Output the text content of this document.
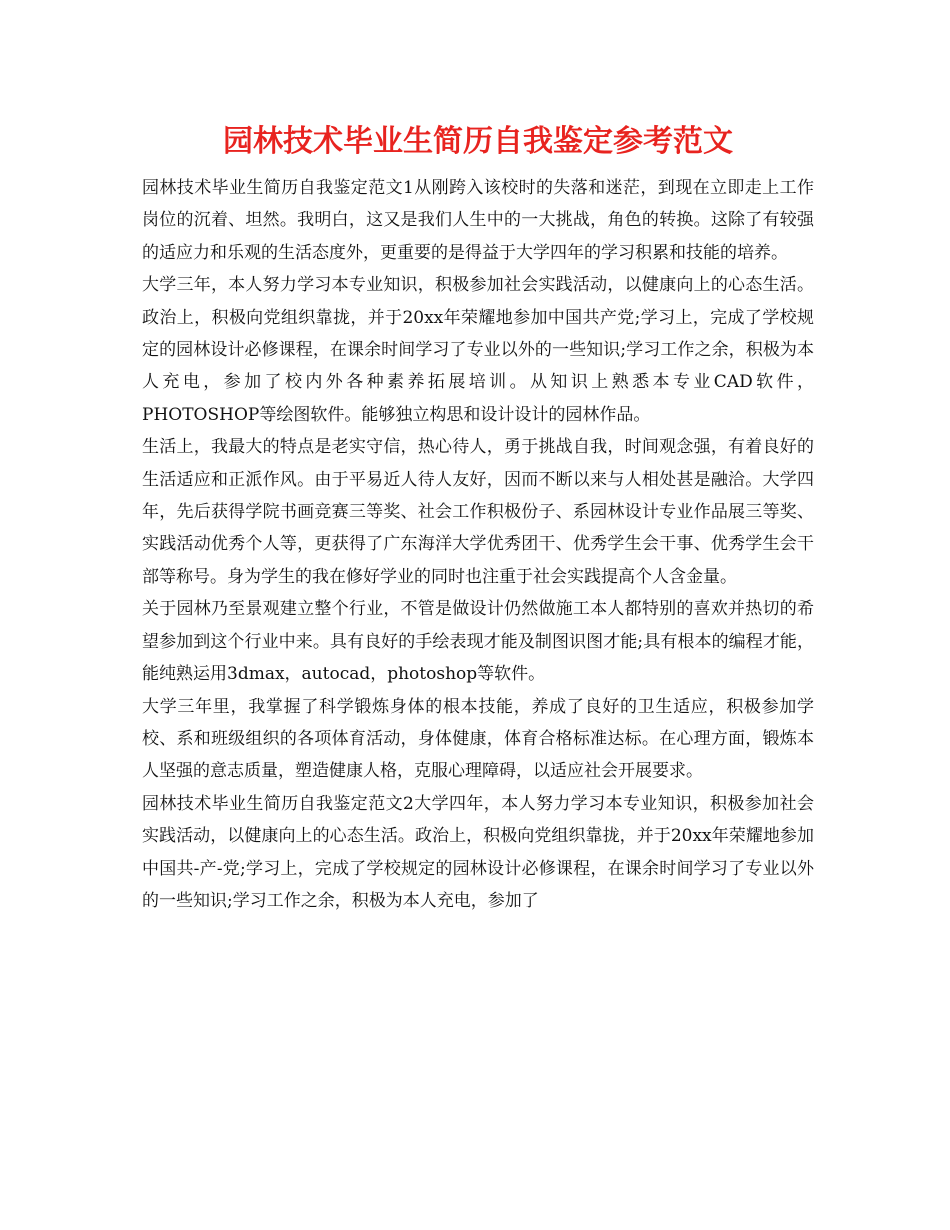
园林技术毕业生简历自我鉴定参考范文

园林技术毕业生简历自我鉴定范文1从刚跨入该校时的失落和迷茫，到现在立即走上工作岗位的沉着、坦然。我明白，这又是我们人生中的一大挑战，角色的转换。这除了有较强的适应力和乐观的生活态度外，更重要的是得益于大学四年的学习积累和技能的培养。

大学三年，本人努力学习本专业知识，积极参加社会实践活动，以健康向上的心态生活。政治上，积极向党组织靠拢，并于20xx年荣耀地参加中国共产党;学习上，完成了学校规定的园林设计必修课程，在课余时间学习了专业以外的一些知识;学习工作之余，积极为本人充电，参加了校内外各种素养拓展培训。从知识上熟悉本专业CAD软件，PHOTOSHOP等绘图软件。能够独立构思和设计设计的园林作品。

生活上，我最大的特点是老实守信，热心待人，勇于挑战自我，时间观念强，有着良好的生活适应和正派作风。由于平易近人待人友好，因而不断以来与人相处甚是融洽。大学四年，先后获得学院书画竞赛三等奖、社会工作积极份子、系园林设计专业作品展三等奖、实践活动优秀个人等，更获得了广东海洋大学优秀团干、优秀学生会干事、优秀学生会干部等称号。身为学生的我在修好学业的同时也注重于社会实践提高个人含金量。

关于园林乃至景观建立整个行业，不管是做设计仍然做施工本人都特别的喜欢并热切的希望参加到这个行业中来。具有良好的手绘表现才能及制图识图才能;具有根本的编程才能，能纯熟运用3dmax，autocad，photoshop等软件。

大学三年里，我掌握了科学锻炼身体的根本技能，养成了良好的卫生适应，积极参加学校、系和班级组织的各项体育活动，身体健康，体育合格标准达标。在心理方面，锻炼本人坚强的意志质量，塑造健康人格，克服心理障碍，以适应社会开展要求。

园林技术毕业生简历自我鉴定范文2大学四年，本人努力学习本专业知识，积极参加社会实践活动，以健康向上的心态生活。政治上，积极向党组织靠拢，并于20xx年荣耀地参加中国共-产-党;学习上，完成了学校规定的园林设计必修课程，在课余时间学习了专业以外的一些知识;学习工作之余，积极为本人充电，参加了
